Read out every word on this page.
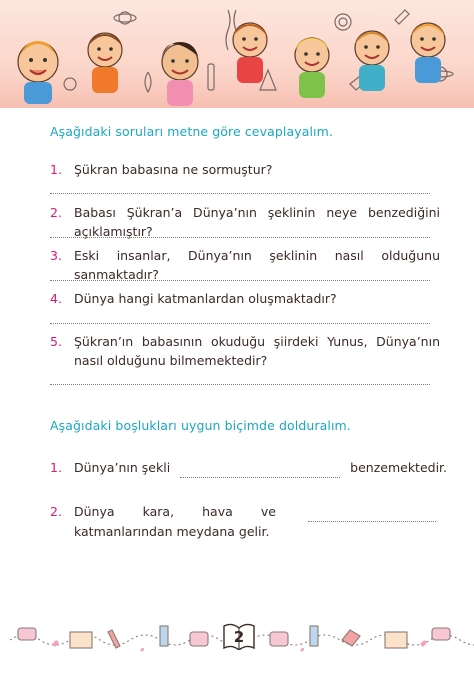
Aşağıdaki soruları metne göre cevaplayalım.
1. Şükran babasına ne sormuştur?
2. Babası Şükran’a Dünya’nın şeklinin neye benzediğini açıklamıştır?
3. Eski insanlar, Dünya’nın şeklinin nasıl olduğunu sanmaktadır?
4. Dünya hangi katmanlardan oluşmaktadır?
5. Şükran’ın babasının okuduğu şiirdeki Yunus, Dünya’nın nasıl olduğunu bilmemektedir?
Aşağıdaki boşlukları uygun biçimde dolduralım.
1. Dünya’nın şekli	benzemektedir.
2. Dünya kara, hava ve   katmanlarından meydana gelir.
2
